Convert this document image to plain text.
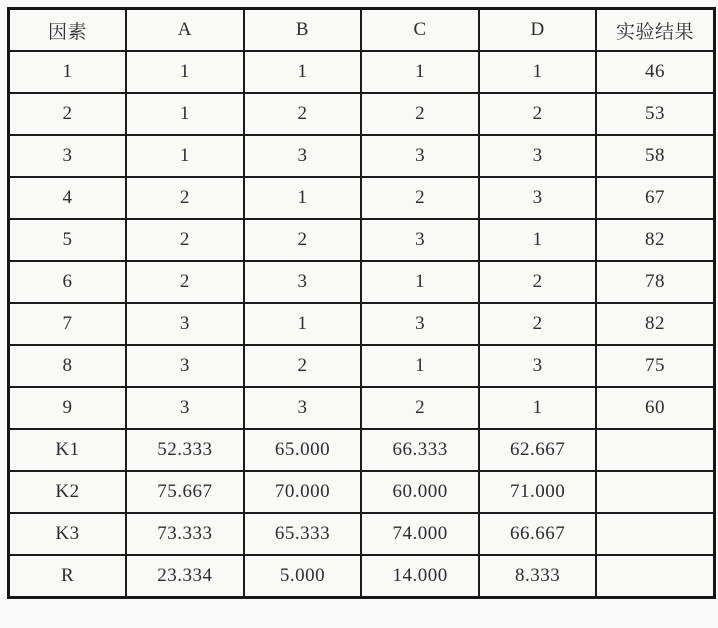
因素	A	B	C	D	实验结果
1	1	1	1	1	46
2	1	2	2	2	53
3	1	3	3	3	58
4	2	1	2	3	67
5	2	2	3	1	82
6	2	3	1	2	78
7	3	1	3	2	82
8	3	2	1	3	75
9	3	3	2	1	60
K1	52.333	65.000	66.333	62.667	
K2	75.667	70.000	60.000	71.000	
K3	73.333	65.333	74.000	66.667	
R	23.334	5.000	14.000	8.333	
